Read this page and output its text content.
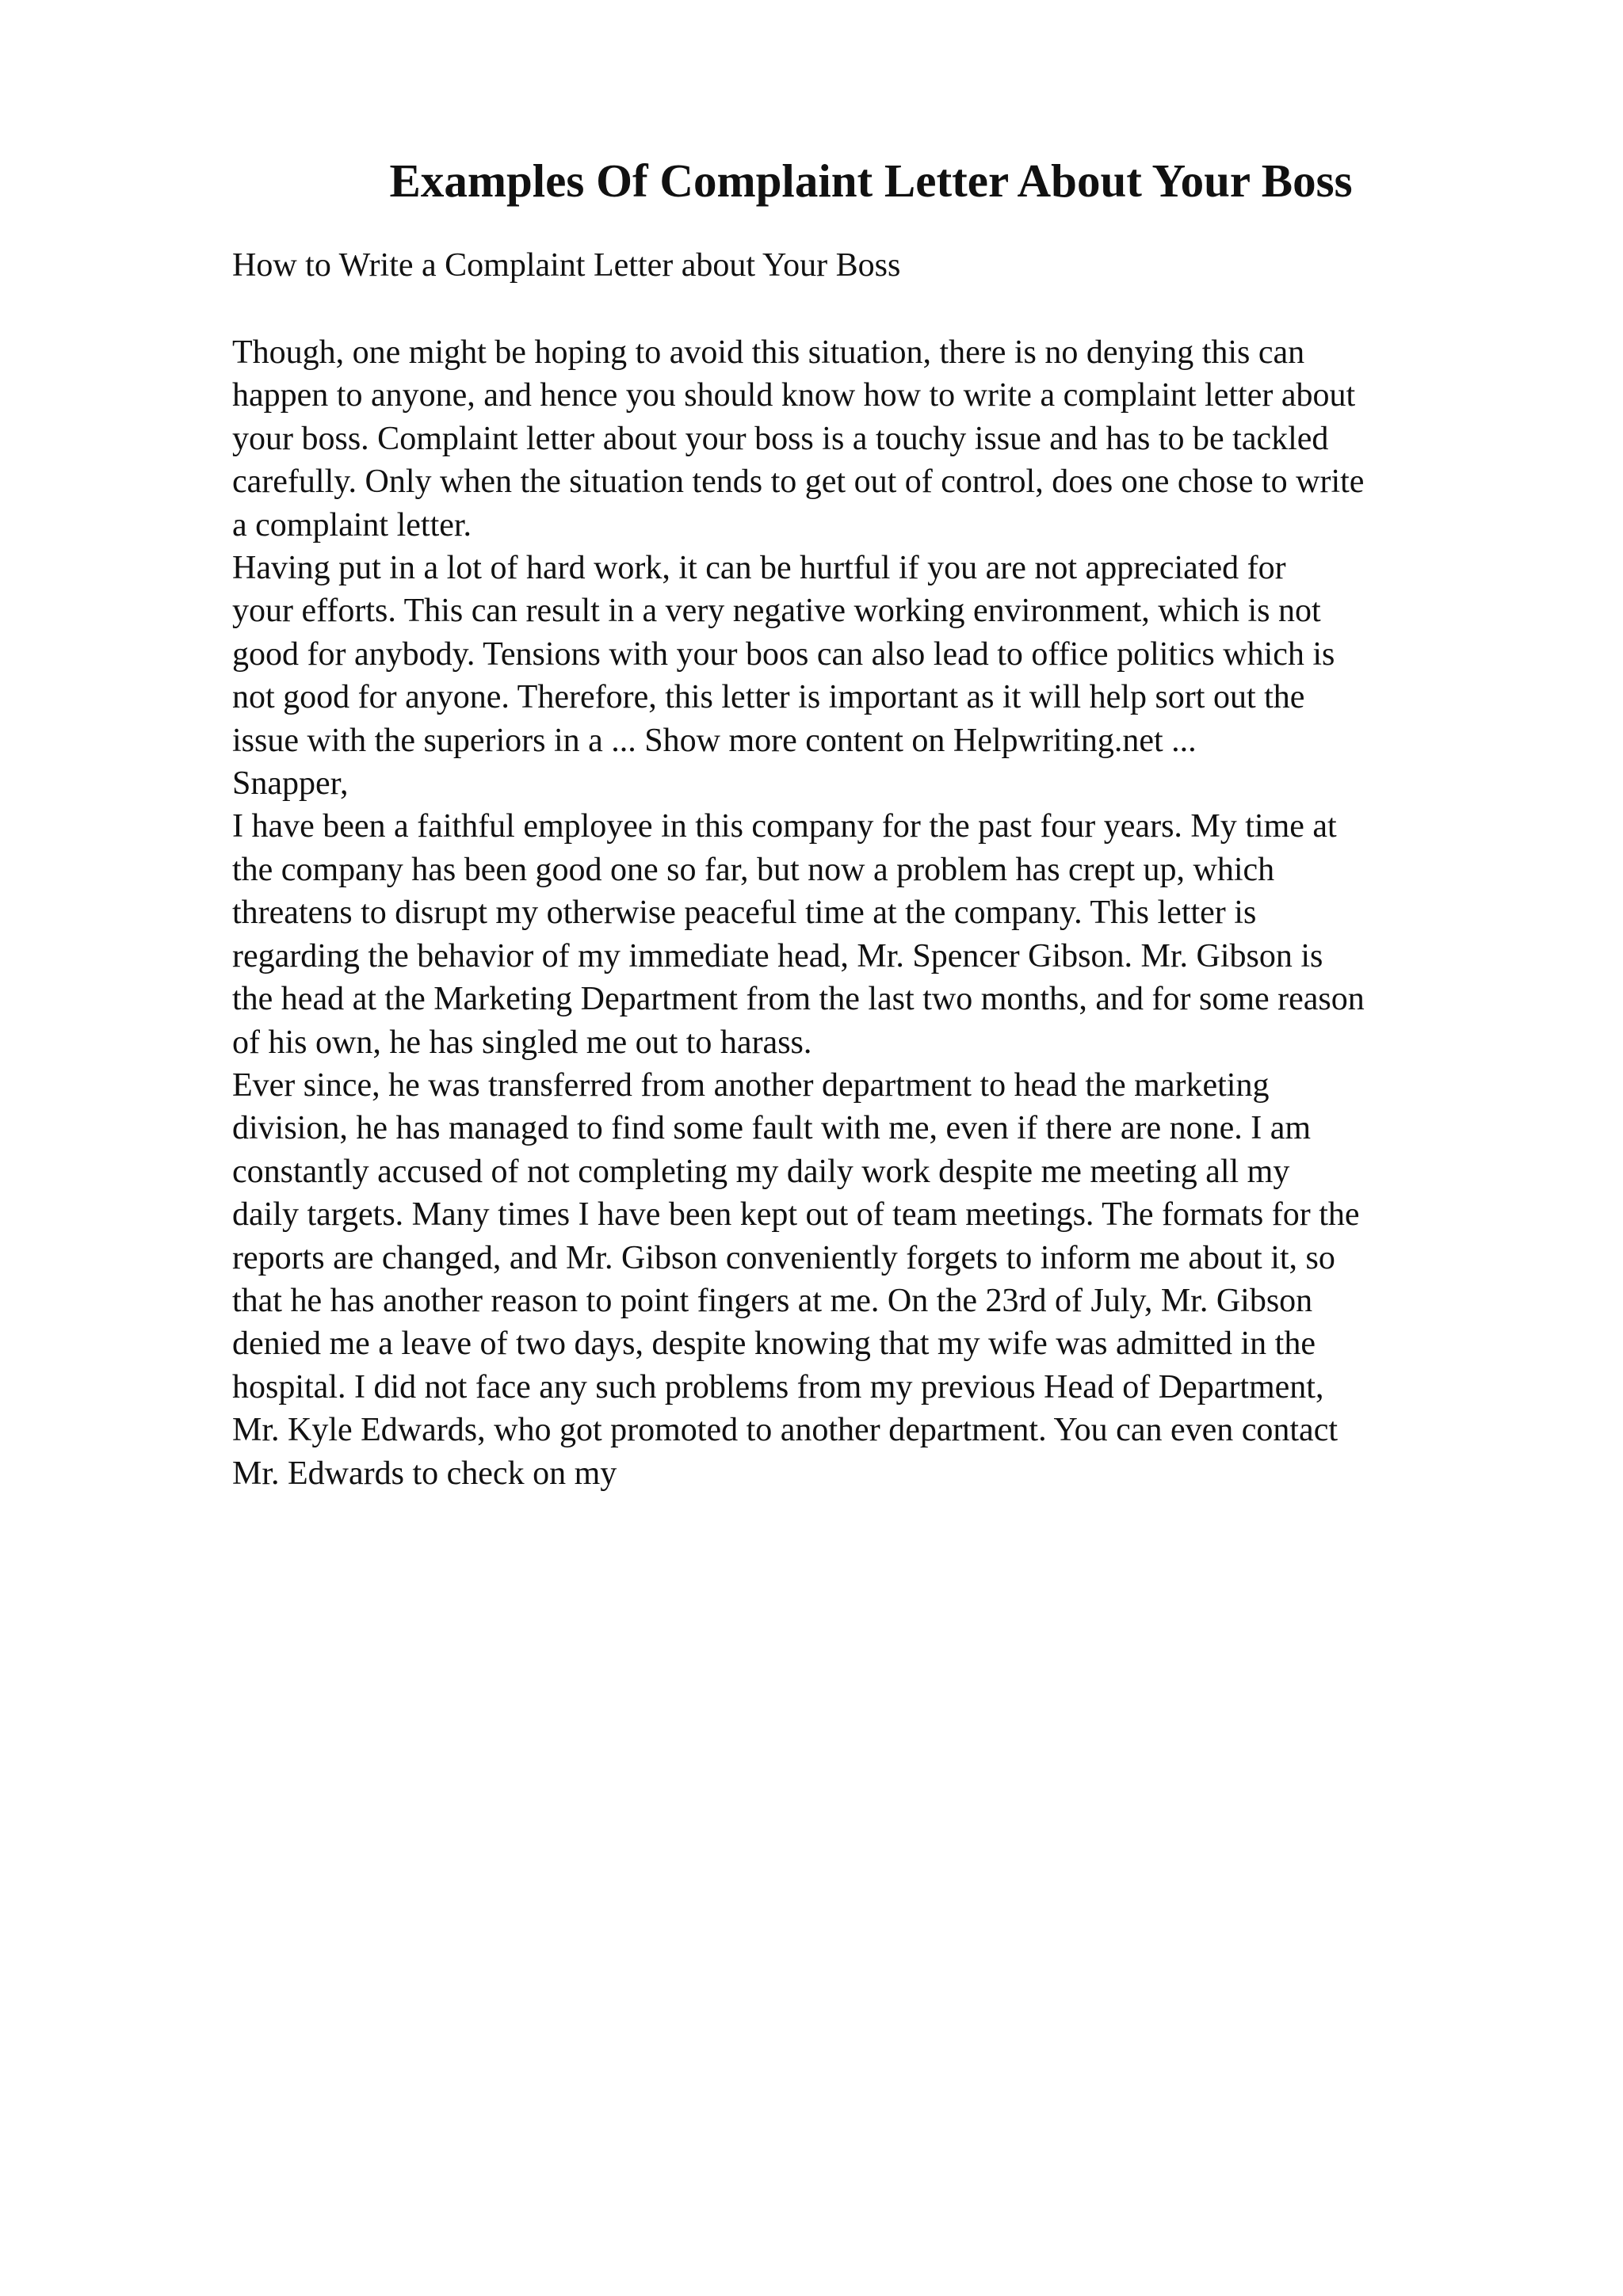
Examples Of Complaint Letter About Your Boss

How to Write a Complaint Letter about Your Boss

Though, one might be hoping to avoid this situation, there is no denying this can
happen to anyone, and hence you should know how to write a complaint letter about
your boss. Complaint letter about your boss is a touchy issue and has to be tackled
carefully. Only when the situation tends to get out of control, does one chose to write
a complaint letter.
Having put in a lot of hard work, it can be hurtful if you are not appreciated for
your efforts. This can result in a very negative working environment, which is not
good for anybody. Tensions with your boos can also lead to office politics which is
not good for anyone. Therefore, this letter is important as it will help sort out the
issue with the superiors in a ... Show more content on Helpwriting.net ...
Snapper,
I have been a faithful employee in this company for the past four years. My time at
the company has been good one so far, but now a problem has crept up, which
threatens to disrupt my otherwise peaceful time at the company. This letter is
regarding the behavior of my immediate head, Mr. Spencer Gibson. Mr. Gibson is
the head at the Marketing Department from the last two months, and for some reason
of his own, he has singled me out to harass.
Ever since, he was transferred from another department to head the marketing
division, he has managed to find some fault with me, even if there are none. I am
constantly accused of not completing my daily work despite me meeting all my
daily targets. Many times I have been kept out of team meetings. The formats for the
reports are changed, and Mr. Gibson conveniently forgets to inform me about it, so
that he has another reason to point fingers at me. On the 23rd of July, Mr. Gibson
denied me a leave of two days, despite knowing that my wife was admitted in the
hospital. I did not face any such problems from my previous Head of Department,
Mr. Kyle Edwards, who got promoted to another department. You can even contact
Mr. Edwards to check on my
